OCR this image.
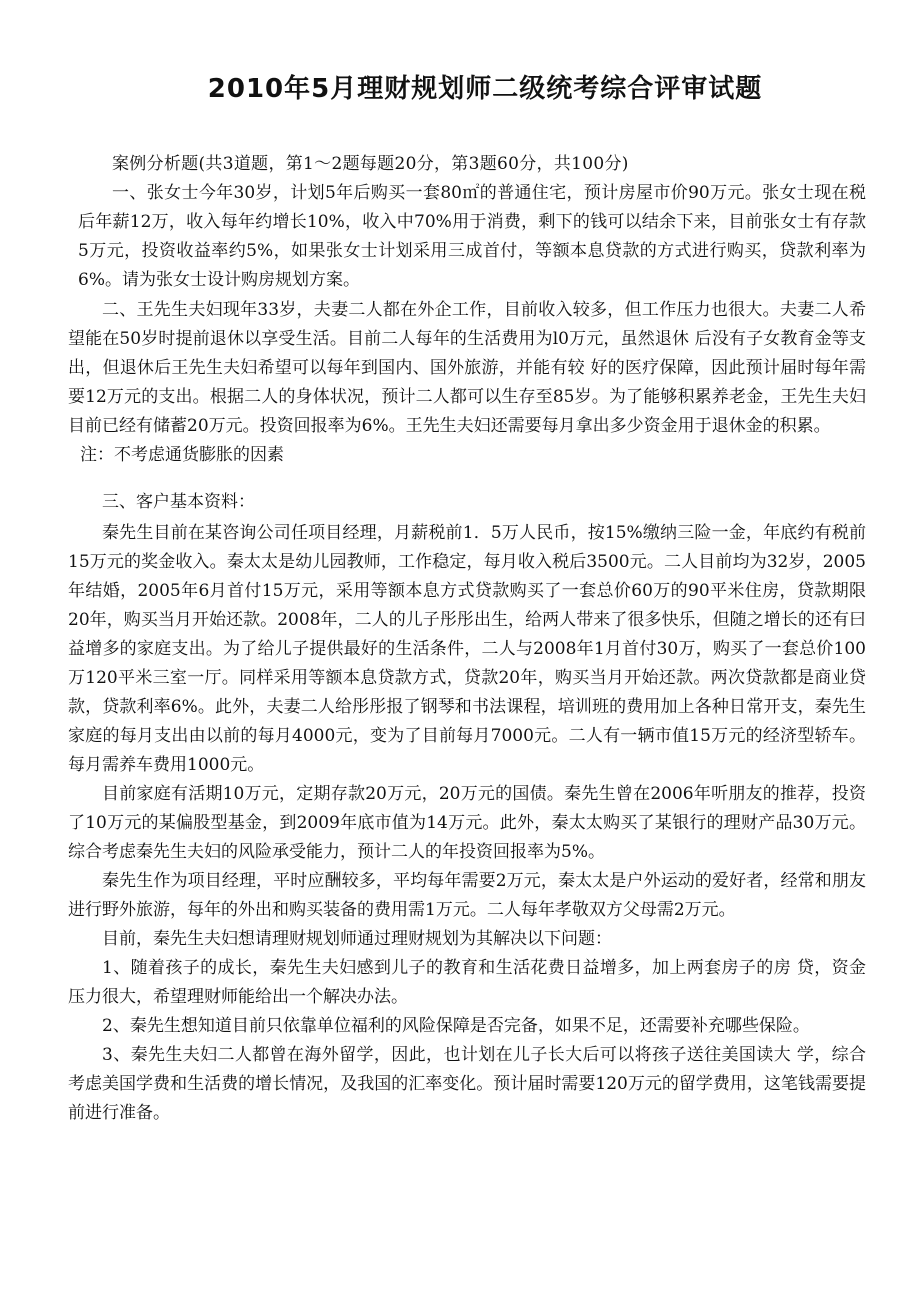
2010年5月理财规划师二级统考综合评审试题

案例分析题(共3道题，第1～2题每题20分，第3题60分，共100分)

一、张女士今年30岁，计划5年后购买一套80㎡的普通住宅，预计房屋市价90万元。张女士现在税后年薪12万，收入每年约增长10%，收入中70%用于消费，剩下的钱可以结余下来，目前张女士有存款5万元，投资收益率约5%，如果张女士计划采用三成首付，等额本息贷款的方式进行购买，贷款利率为6%。请为张女士设计购房规划方案。

二、王先生夫妇现年33岁，夫妻二人都在外企工作，目前收入较多，但工作压力也很大。夫妻二人希望能在50岁时提前退休以享受生活。目前二人每年的生活费用为l0万元，虽然退休 后没有子女教育金等支出，但退休后王先生夫妇希望可以每年到国内、国外旅游，并能有较 好的医疗保障，因此预计届时每年需要12万元的支出。根据二人的身体状况，预计二人都可以生存至85岁。为了能够积累养老金，王先生夫妇目前已经有储蓄20万元。投资回报率为6%。王先生夫妇还需要每月拿出多少资金用于退休金的积累。

注：不考虑通货膨胀的因素

三、客户基本资料：

秦先生目前在某咨询公司任项目经理，月薪税前1．5万人民币，按15%缴纳三险一金，年底约有税前15万元的奖金收入。秦太太是幼儿园教师，工作稳定，每月收入税后3500元。二人目前均为32岁，2005年结婚，2005年6月首付15万元，采用等额本息方式贷款购买了一套总价60万的90平米住房，贷款期限20年，购买当月开始还款。2008年，二人的儿子彤彤出生，给两人带来了很多快乐，但随之增长的还有曰益增多的家庭支出。为了给儿子提供最好的生活条件，二人与2008年1月首付30万，购买了一套总价100万120平米三室一厅。同样采用等额本息贷款方式，贷款20年，购买当月开始还款。两次贷款都是商业贷款，贷款利率6%。此外，夫妻二人给彤彤报了钢琴和书法课程，培训班的费用加上各种日常开支，秦先生家庭的每月支出由以前的每月4000元，变为了目前每月7000元。二人有一辆市值15万元的经济型轿车。每月需养车费用1000元。

目前家庭有活期10万元，定期存款20万元，20万元的国债。秦先生曾在2006年听朋友的推荐，投资了10万元的某偏股型基金，到2009年底市值为14万元。此外，秦太太购买了某银行的理财产品30万元。综合考虑秦先生夫妇的风险承受能力，预计二人的年投资回报率为5%。

秦先生作为项目经理，平时应酬较多，平均每年需要2万元，秦太太是户外运动的爱好者，经常和朋友进行野外旅游，每年的外出和购买装备的费用需1万元。二人每年孝敬双方父母需2万元。

目前，秦先生夫妇想请理财规划师通过理财规划为其解决以下问题：

1、随着孩子的成长，秦先生夫妇感到儿子的教育和生活花费日益增多，加上两套房子的房 贷，资金压力很大，希望理财师能给出一个解决办法。

2、秦先生想知道目前只依靠单位福利的风险保障是否完备，如果不足，还需要补充哪些保险。

3、秦先生夫妇二人都曾在海外留学，因此，也计划在儿子长大后可以将孩子送往美国读大 学，综合考虑美国学费和生活费的增长情况，及我国的汇率变化。预计届时需要120万元的留学费用，这笔钱需要提前进行准备。
